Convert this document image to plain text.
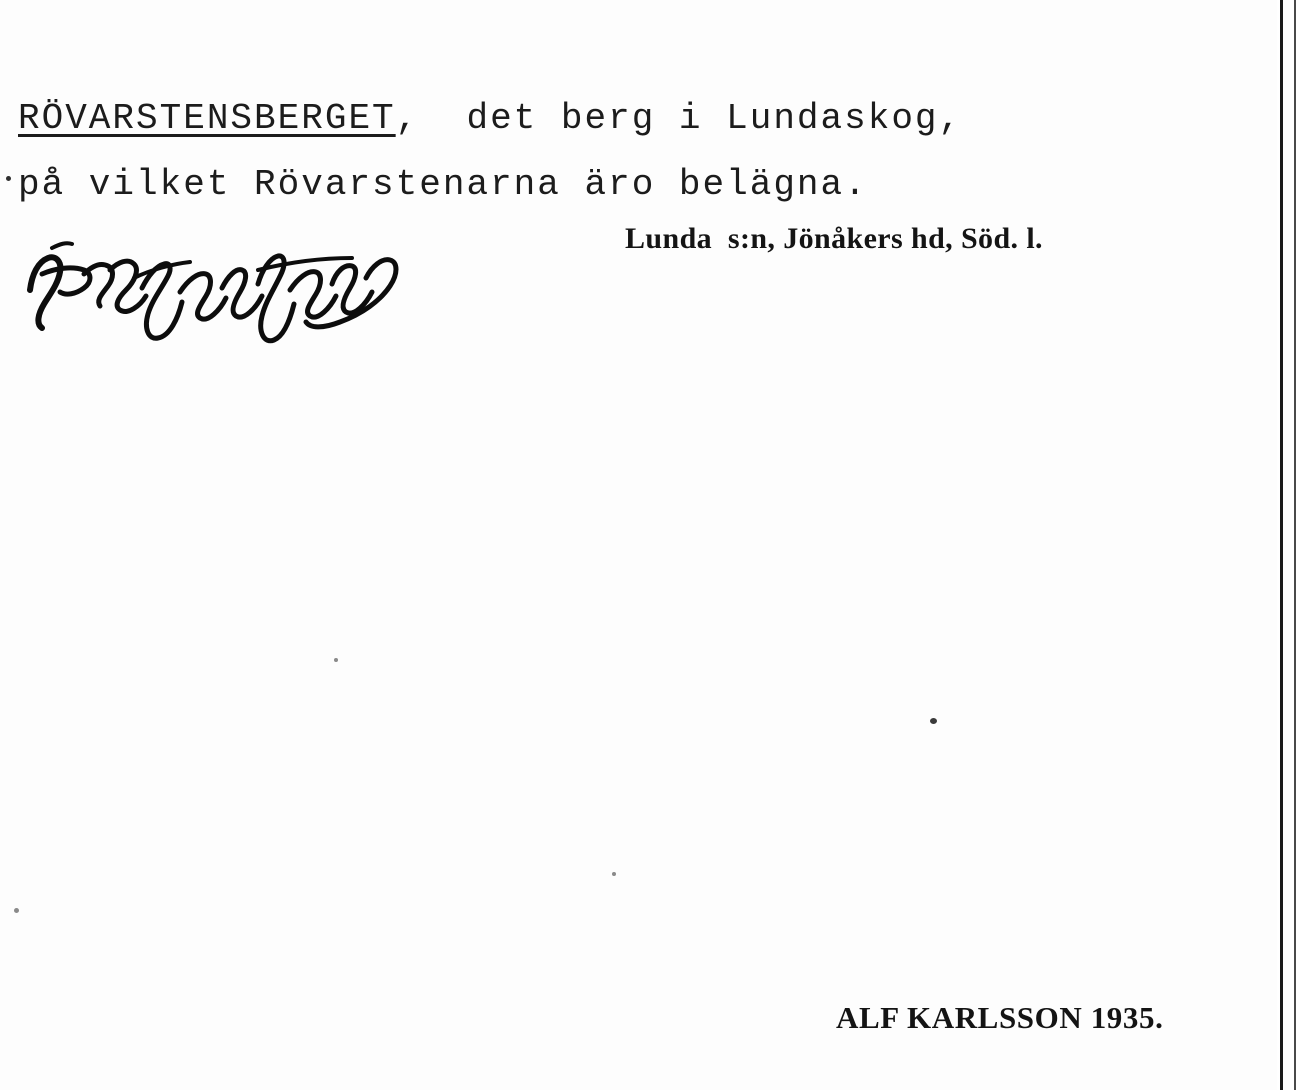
RÖVARSTENSBERGET,  det berg i Lundaskog,
på vilket Rövarstenarna äro belägna.
Lunda  s:n, Jönåkers hd, Söd. l.
ALF KARLSSON 1935.
